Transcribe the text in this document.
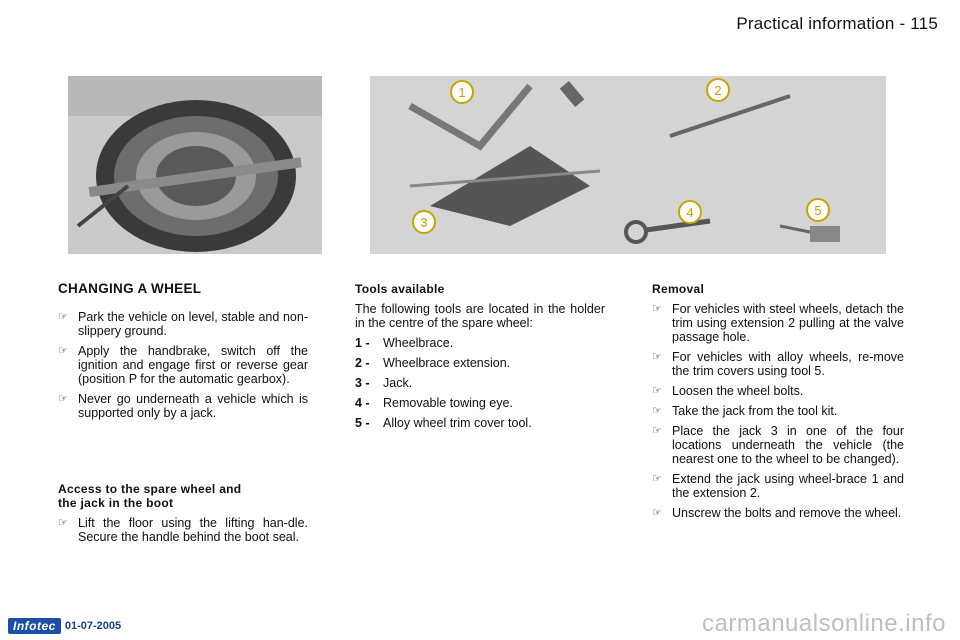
Practical information - 115
1	2
3
4	5
CHANGING A WHEEL
☞ Park the vehicle on level, stable and non-slippery ground.
☞ Apply the handbrake, switch off the ignition and engage first or reverse gear (position P for the automatic gearbox).
☞ Never go underneath a vehicle which is supported only by a jack.
Access to the spare wheel and
the jack in the boot
☞ Lift the floor using the lifting han-dle. Secure the handle behind the boot seal.
Tools available

The following tools are located in the holder in the centre of the spare wheel:

1 - Wheelbrace.
2 - Wheelbrace extension.
3 - Jack.
4 - Removable towing eye.
5 - Alloy wheel trim cover tool.
Removal
☞ For vehicles with steel wheels, detach the trim using extension 2 pulling at the valve passage hole.
☞ For vehicles with alloy wheels, re-move the trim covers using tool 5.
☞ Loosen the wheel bolts.
☞ Take the jack from the tool kit.
☞ Place the jack 3 in one of the four locations underneath the vehicle (the nearest one to the wheel to be changed).
☞ Extend the jack using wheel-brace 1 and the extension 2.
☞ Unscrew the bolts and remove the wheel.
Infotec 01-07-2005	carmanualsonline.info
